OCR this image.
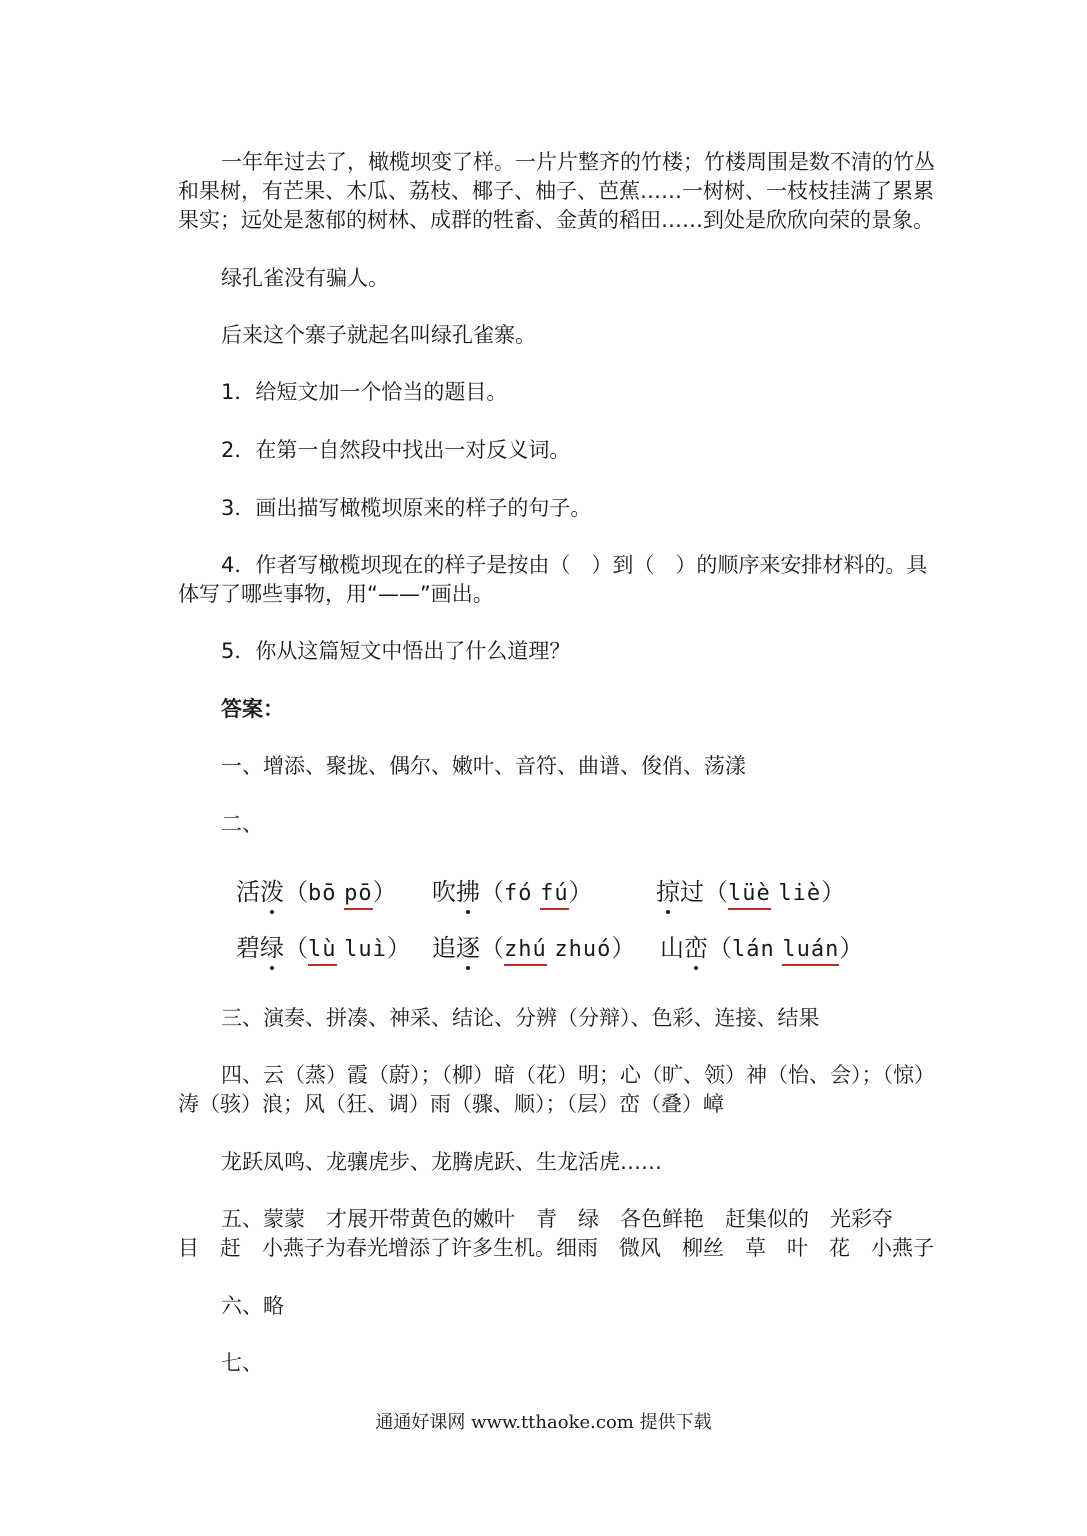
一年年过去了，橄榄坝变了样。一片片整齐的竹楼；竹楼周围是数不清的竹丛
和果树，有芒果、木瓜、荔枝、椰子、柚子、芭蕉……一树树、一枝枝挂满了累累
果实；远处是葱郁的树林、成群的牲畜、金黄的稻田……到处是欣欣向荣的景象。
绿孔雀没有骗人。
后来这个寨子就起名叫绿孔雀寨。
1．给短文加一个恰当的题目。
2．在第一自然段中找出一对反义词。
3．画出描写橄榄坝原来的样子的句子。
4．作者写橄榄坝现在的样子是按由（　）到（　）的顺序来安排材料的。具
体写了哪些事物，用“——”画出。
5．你从这篇短文中悟出了什么道理？
答案：
一、增添、聚拢、偶尔、嫩叶、音符、曲谱、俊俏、荡漾
二、
活泼（bō pō） 吹拂（fó fú）	掠过（lüè liè）
碧绿（lù luì） 追逐（zhú zhuó） 山峦（lán luán）
三、演奏、拼凑、神采、结论、分辨（分辩）、色彩、连接、结果
四、云（蒸）霞（蔚）；（柳）暗（花）明；心（旷、领）神（怡、会）；（惊）
涛（骇）浪；风（狂、调）雨（骤、顺）；（层）峦（叠）嶂
龙跃凤鸣、龙骧虎步、龙腾虎跃、生龙活虎……
五、蒙蒙　才展开带黄色的嫩叶　青　绿　各色鲜艳　赶集似的　光彩夺
目　赶　小燕子为春光增添了许多生机。细雨　微风　柳丝　草　叶　花　小燕子
六、略
七、
通通好课网 www.tthaoke.com 提供下载
